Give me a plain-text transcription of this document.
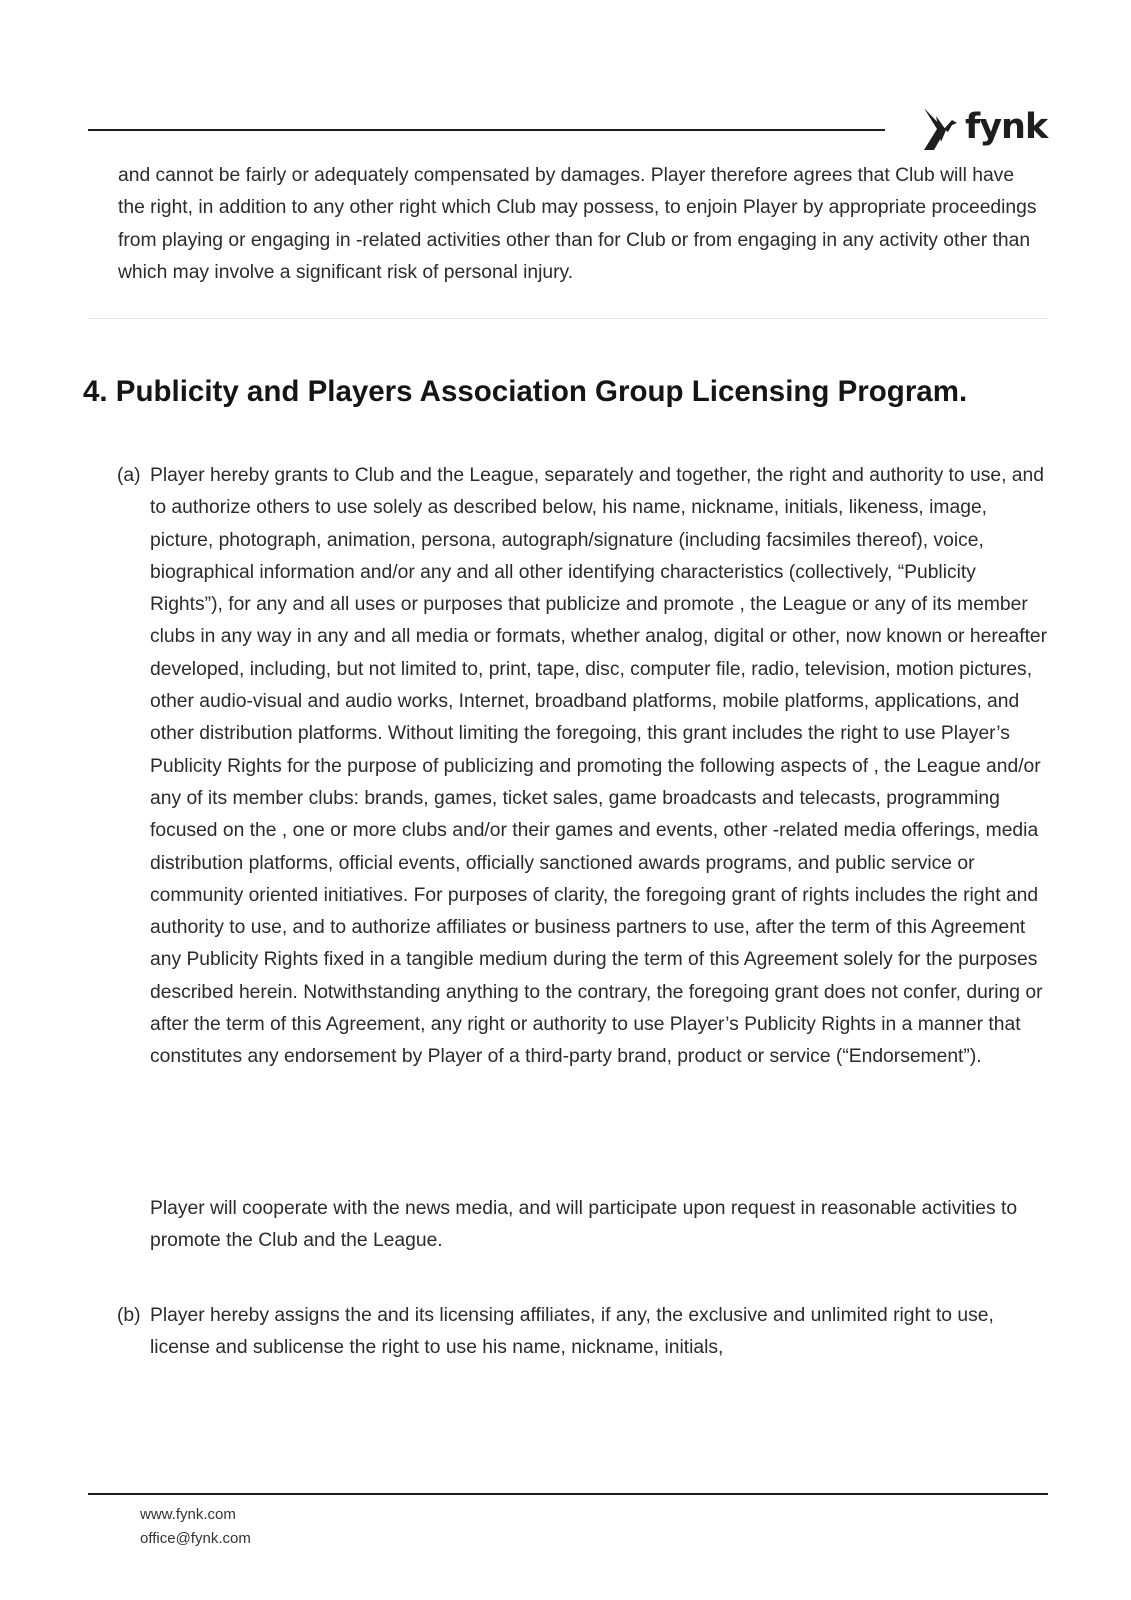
fynk

and cannot be fairly or adequately compensated by damages. Player therefore agrees that Club will have the right, in addition to any other right which Club may possess, to enjoin Player by appropriate proceedings from playing or engaging in -related activities other than for Club or from engaging in any activity other than which may involve a significant risk of personal injury.

4. Publicity and Players Association Group Licensing Program.
(a) Player hereby grants to Club and the League, separately and together, the right and authority to use, and to authorize others to use solely as described below, his name, nickname, initials, likeness, image, picture, photograph, animation, persona, autograph/signature (including facsimiles thereof), voice, biographical information and/or any and all other identifying characteristics (collectively, “Publicity Rights”), for any and all uses or purposes that publicize and promote , the League or any of its member clubs in any way in any and all media or formats, whether analog, digital or other, now known or hereafter developed, including, but not limited to, print, tape, disc, computer file, radio, television, motion pictures, other audio-visual and audio works, Internet, broadband platforms, mobile platforms, applications, and other distribution platforms. Without limiting the foregoing, this grant includes the right to use Player’s Publicity Rights for the purpose of publicizing and promoting the following aspects of , the League and/or any of its member clubs: brands, games, ticket sales, game broadcasts and telecasts, programming focused on the , one or more clubs and/or their games and events, other -related media offerings, media distribution platforms, official events, officially sanctioned awards programs, and public service or community oriented initiatives. For purposes of clarity, the foregoing grant of rights includes the right and authority to use, and to authorize affiliates or business partners to use, after the term of this Agreement any Publicity Rights fixed in a tangible medium during the term of this Agreement solely for the purposes described herein. Notwithstanding anything to the contrary, the foregoing grant does not confer, during or after the term of this Agreement, any right or authority to use Player’s Publicity Rights in a manner that constitutes any endorsement by Player of a third-party brand, product or service (“Endorsement”).

Player will cooperate with the news media, and will participate upon request in reasonable activities to promote the Club and the League.

(b) Player hereby assigns the and its licensing affiliates, if any, the exclusive and unlimited right to use, license and sublicense the right to use his name, nickname, initials,

www.fynk.com
office@fynk.com
